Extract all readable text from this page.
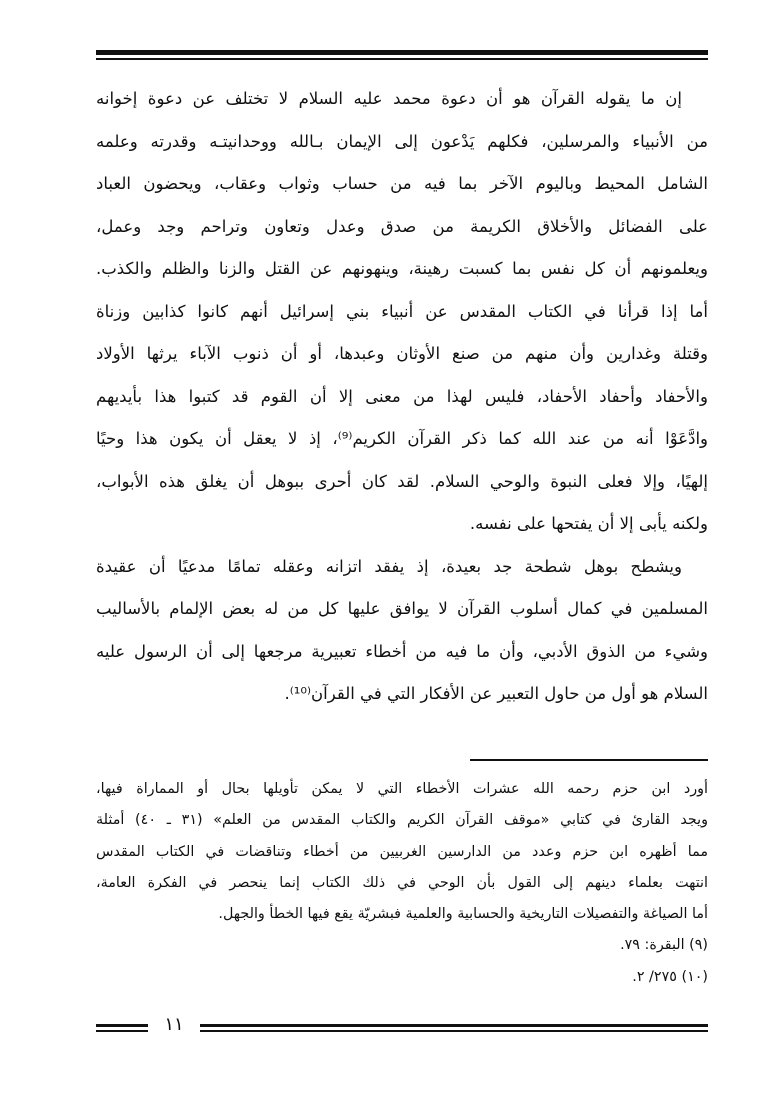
إن ما يقوله القرآن هو أن دعوة محمد عليه السلام لا تختلف عن دعوة إخوانه
من الأنبياء والمرسلين، فكلهم يَدْعون إلى الإيمان بـالله ووحدانيتـه وقدرته وعلمه
الشامل المحيط وباليوم الآخر بما فيه من حساب وثواب وعقاب، ويحضون العباد
على الفضائل والأخلاق الكريمة من صدق وعدل وتعاون وتراحم وجد وعمل،
ويعلمونهم أن كل نفس بما كسبت رهينة، وينهونهم عن القتل والزنا والظلم والكذب.
أما إذا قرأنا في الكتاب المقدس عن أنبياء بني إسرائيل أنهم كانوا كذابين وزناة
وقتلة وغدارين وأن منهم من صنع الأوثان وعبدها، أو أن ذنوب الآباء يرثها الأولاد
والأحفاد وأحفاد الأحفاد، فليس لهذا من معنى إلا أن القوم قد كتبوا هذا بأيديهم
وادَّعَوْا أنه من عند الله كما ذكر القرآن الكريم⁽⁹⁾، إذ لا يعقل أن يكون هذا وحيًا
إلهيًا، وإلا فعلى النبوة والوحي السلام. لقد كان أحرى ببوهل أن يغلق هذه الأبواب،
ولكنه يأبى إلا أن يفتحها على نفسه.
ويشطح بوهل شطحة جد بعيدة، إذ يفقد اتزانه وعقله تمامًا مدعيًا أن عقيدة
المسلمين في كمال أسلوب القرآن لا يوافق عليها كل من له بعض الإلمام بالأساليب
وشيء من الذوق الأدبي، وأن ما فيه من أخطاء تعبيرية مرجعها إلى أن الرسول عليه
السلام هو أول من حاول التعبير عن الأفكار التي في القرآن⁽¹⁰⁾.
أورد ابن حزم رحمه الله عشرات الأخطاء التي لا يمكن تأويلها بحال أو المماراة فيها،
ويجد القارئ في كتابي «موقف القرآن الكريم والكتاب المقدس من العلم» (٣١ ـ ٤٠) أمثلة
مما أظهره ابن حزم وعدد من الدارسين الغربيين من أخطاء وتناقضات في الكتاب المقدس
انتهت بعلماء دينهم إلى القول بأن الوحي في ذلك الكتاب إنما ينحصر في الفكرة العامة،
أما الصياغة والتفصيلات التاريخية والحسابية والعلمية فبشريّة يقع فيها الخطأ والجهل.
(٩) البقرة: ٧٩.
(١٠) ٢٧٥/ ٢.
١١
